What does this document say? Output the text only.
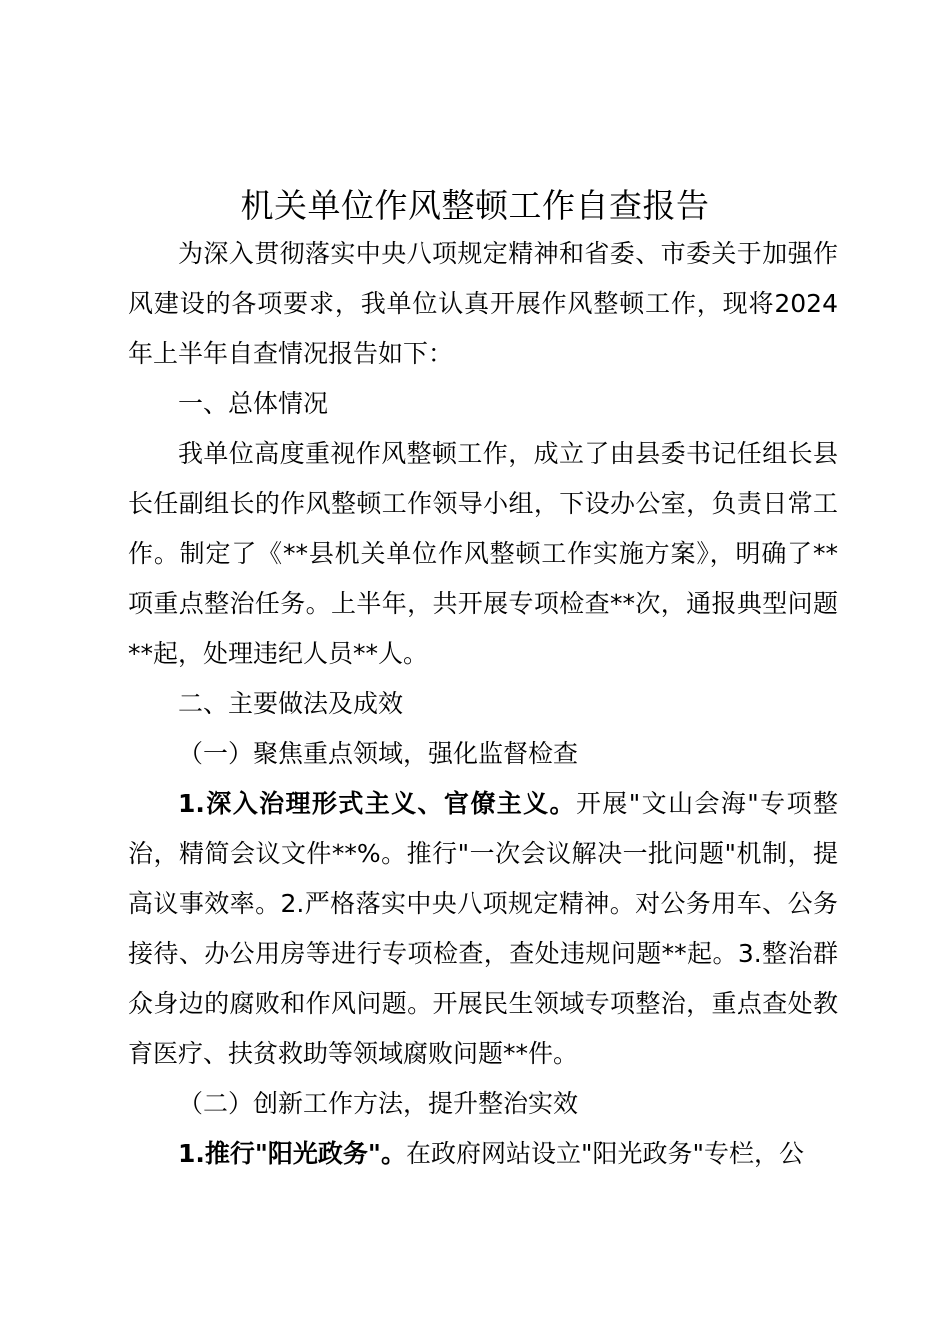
机关单位作风整顿工作自查报告

为深入贯彻落实中央八项规定精神和省委、市委关于加强作风建设的各项要求，我单位认真开展作风整顿工作，现将2024年上半年自查情况报告如下：

一、总体情况

我单位高度重视作风整顿工作，成立了由县委书记任组长县长任副组长的作风整顿工作领导小组，下设办公室，负责日常工作。制定了《**县机关单位作风整顿工作实施方案》，明确了**项重点整治任务。上半年，共开展专项检查**次，通报典型问题**起，处理违纪人员**人。

二、主要做法及成效

（一）聚焦重点领域，强化监督检查

1.深入治理形式主义、官僚主义。开展"文山会海"专项整治，精简会议文件**%。推行"一次会议解决一批问题"机制，提高议事效率。2.严格落实中央八项规定精神。对公务用车、公务接待、办公用房等进行专项检查，查处违规问题**起。3.整治群众身边的腐败和作风问题。开展民生领域专项整治，重点查处教育医疗、扶贫救助等领域腐败问题**件。

（二）创新工作方法，提升整治实效

1.推行"阳光政务"。在政府网站设立"阳光政务"专栏，公
